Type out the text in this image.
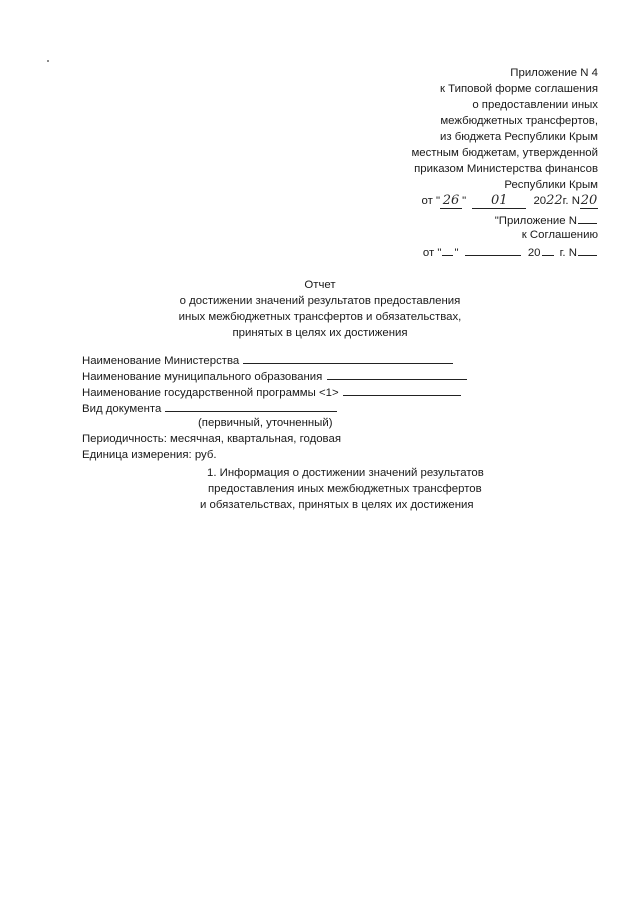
Приложение N 4
к Типовой форме соглашения
о предоставлении иных
межбюджетных трансфертов,
из бюджета Республики Крым
местным бюджетам, утвержденной
приказом Министерства финансов
Республики Крым
от " 26 " 01 2022г. N20
"Приложение N
к Соглашению
от " "	20 г. N
Отчет
о достижении значений результатов предоставления
иных межбюджетных трансфертов и обязательствах,
принятых в целях их достижения
Наименование Министерства
Наименование муниципального образования
Наименование государственной программы <1>
Вид документа
(первичный, уточненный)
Периодичность: месячная, квартальная, годовая
Единица измерения: руб.
1. Информация о достижении значений результатов
предоставления иных межбюджетных трансфертов
и обязательствах, принятых в целях их достижения
